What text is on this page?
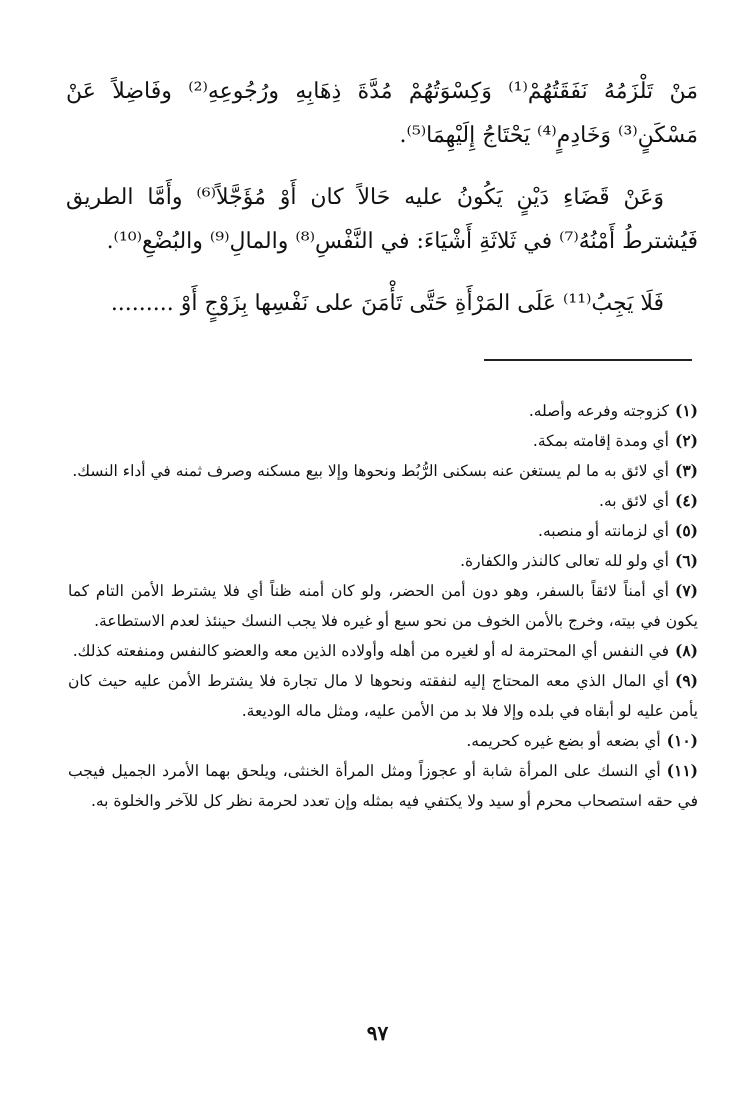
مَنْ تَلْزَمُهُ نَفَقَتُهُمْ⁽¹⁾ وَكِسْوَتُهُمْ مُدَّةَ ذِهَابِهِ ورُجُوعِهِ⁽²⁾ وفَاضِلاً عَنْ مَسْكَنٍ⁽³⁾ وَخَادِمٍ⁽⁴⁾ يَحْتَاجُ إِلَيْهِمَا⁽⁵⁾.

وَعَنْ قَضَاءِ دَيْنٍ يَكُونُ عليه حَالاً كان أَوْ مُؤَجَّلاً⁽⁶⁾ وأَمَّا الطريق فَيُشترطُ أَمْنُهُ⁽⁷⁾ في ثَلاثَةِ أَشْيَاءَ: في النَّفْسِ⁽⁸⁾ والمالِ⁽⁹⁾ والبُضْعِ⁽¹⁰⁾.

فَلَا يَجِبُ⁽¹¹⁾ عَلَى المَرْأَةِ حَتَّى تَأْمَنَ على نَفْسِها بِزَوْجٍ أَوْ .........

(١)كزوجته وفرعه وأصله.

(٢)أي ومدة إقامته بمكة.

(٣)أي لائق به ما لم يستغن عنه بسكنى الرُّبُط ونحوها وإلا بيع مسكنه وصرف ثمنه في أداء النسك.

(٤)أي لائق به.

(٥)أي لزمانته أو منصبه.

(٦)أي ولو لله تعالى كالنذر والكفارة.

(٧)أي أمناً لائقاً بالسفر، وهو دون أمن الحضر، ولو كان أمنه ظناً أي فلا يشترط الأمن التام كما يكون في بيته، وخرج بالأمن الخوف من نحو سبع أو غيره فلا يجب النسك حينئذ لعدم الاستطاعة.

(٨)في النفس أي المحترمة له أو لغيره من أهله وأولاده الذين معه والعضو كالنفس ومنفعته كذلك.

(٩)أي المال الذي معه المحتاج إليه لنفقته ونحوها لا مال تجارة فلا يشترط الأمن عليه حيث كان يأمن عليه لو أبقاه في بلده وإلا فلا بد من الأمن عليه، ومثل ماله الوديعة.

(١٠)أي بضعه أو بضع غيره كحريمه.

(١١)أي النسك على المرأة شابة أو عجوزاً ومثل المرأة الخنثى، ويلحق بهما الأمرد الجميل فيجب في حقه استصحاب محرم أو سيد ولا يكتفي فيه بمثله وإن تعدد لحرمة نظر كل للآخر والخلوة به.

٩٧
